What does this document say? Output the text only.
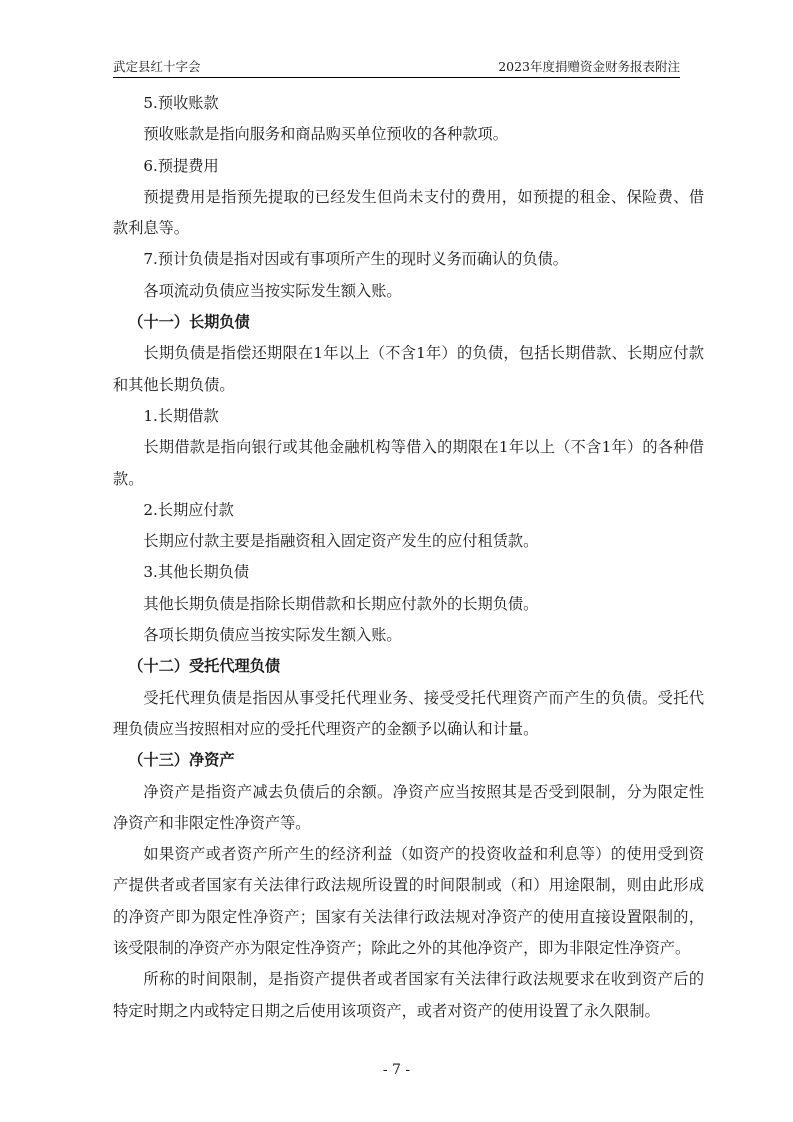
武定县红十字会	2023年度捐赠资金财务报表附注

5.预收账款

预收账款是指向服务和商品购买单位预收的各种款项。

6.预提费用

预提费用是指预先提取的已经发生但尚未支付的费用，如预提的租金、保险费、借款利息等。

7.预计负债是指对因或有事项所产生的现时义务而确认的负债。

各项流动负债应当按实际发生额入账。

（十一）长期负债

长期负债是指偿还期限在1年以上（不含1年）的负债，包括长期借款、长期应付款和其他长期负债。

1.长期借款

长期借款是指向银行或其他金融机构等借入的期限在1年以上（不含1年）的各种借款。

2.长期应付款

长期应付款主要是指融资租入固定资产发生的应付租赁款。

3.其他长期负债

其他长期负债是指除长期借款和长期应付款外的长期负债。

各项长期负债应当按实际发生额入账。

（十二）受托代理负债

受托代理负债是指因从事受托代理业务、接受受托代理资产而产生的负债。受托代理负债应当按照相对应的受托代理资产的金额予以确认和计量。

（十三）净资产

净资产是指资产减去负债后的余额。净资产应当按照其是否受到限制，分为限定性净资产和非限定性净资产等。

如果资产或者资产所产生的经济利益（如资产的投资收益和利息等）的使用受到资产提供者或者国家有关法律行政法规所设置的时间限制或（和）用途限制，则由此形成的净资产即为限定性净资产；国家有关法律行政法规对净资产的使用直接设置限制的，该受限制的净资产亦为限定性净资产；除此之外的其他净资产，即为非限定性净资产。

所称的时间限制，是指资产提供者或者国家有关法律行政法规要求在收到资产后的特定时期之内或特定日期之后使用该项资产，或者对资产的使用设置了永久限制。

- 7 -
